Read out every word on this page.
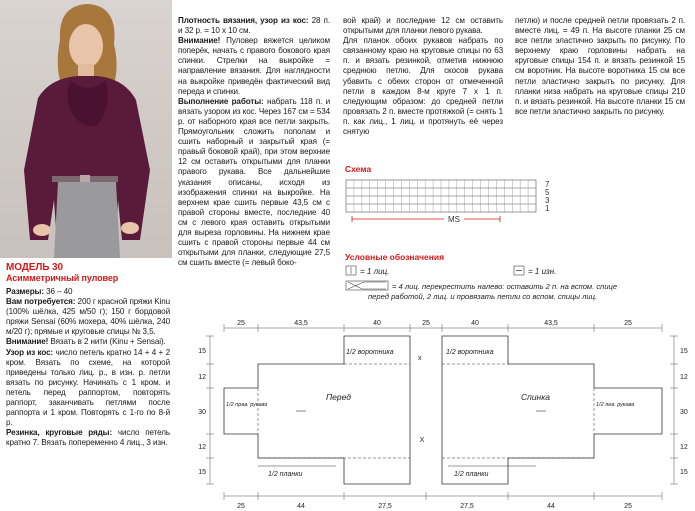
МОДЕЛЬ 30
Асимметричный пуловер

Размеры: 36 – 40

Вам потребуется: 200 г красной пряжи Kinu (100% шёлка, 425 м/50 г); 150 г бордовой пряжи Sensai (60% мохера, 40% шёлка, 240 м/20 г); прямые и круговые спицы № 3,5.

Внимание! Вязать в 2 нити (Kinu + Sensai).

Узор из кос: число петель кратно 14 + 4 + 2 кром. Вязать по схеме, на которой приведены только лиц. р., в изн. р. петли вязать по рисунку. Начинать с 1 кром. и петель перед раппортом, повторять раппорт, заканчивать петлями после раппорта и 1 кром. Повторять с 1-го по 8-й р.

Резинка, круговые ряды: число петель кратно 7. Вязать попеременно 4 лиц., 3 изн.

Плотность вязания, узор из кос: 28 п. и 32 р. = 10 х 10 см.

Внимание! Пуловер вяжется целиком поперёк, начать с правого бокового края спинки. Стрелки на выкройке = направление вязания. Для наглядности на выкройке приведён фактический вид переда и спинки.

Выполнение работы: набрать 118 п. и вязать узором из кос. Через 167 см = 534 р. от наборного края все петли закрыть. Прямоугольник сложить пополам и сшить наборный и закрытый края (= правый боковой край), при этом верхние 12 см оставить открытыми для планки правого рукава. Все дальнейшие указания описаны, исходя из изображения спинки на выкройке. На верхнем крае сшить первые 43,5 см с правой стороны вместе, последние 40 см с левого края оставить открытыми для выреза горловины. На нижнем крае сшить с правой стороны первые 44 см открытыми для планки, следующие 27,5 см сшить вместе (= левый боко-

вой край) и последние 12 см оставить открытыми для планки левого рукава.

Для планок обоих рукавов набрать по связанному краю на круговые спицы по 63 п. и вязать резинкой, отметив нижнюю среднюю петлю. Для скосов рукава убавить с обеих сторон от отмеченной петли в каждом 8-м круге 7 х 1 п. следующим образом: до средней петли провязать 2 п. вместе протяжкой (= снять 1 п. как лиц., 1 лиц. и протянуть её через снятую

петлю) и после средней петли провязать 2 п. вместе лиц. = 49 п. На высоте планки 25 см все петли эластично закрыть по рисунку. По верхнему краю горловины набрать на круговые спицы 154 п. и вязать резинкой 15 см воротник. На высоте воротника 15 см все петли эластично закрыть по рисунку. Для планки низа набрать на круговые спицы 210 п. и вязать резинкой. На высоте планки 15 см все петли эластично закрыть по рисунку.

Схема
MS
7
5
3
1
Условные обозначения
= 1 лиц.	= 1 изн.
= 4 лиц. перекрестить налево: оставить 2 п. на вспом. спице
перед работой, 2 лиц. и провязать петли со вспом. спицы лиц.
Перед	Спинка
1/2 воротника	1/2 воротника
1/2 планки	1/2 планки
1/2 прав. рукава	1/2 лев. рукава
X
x
25	43,5	40	25	40	43,5	25
25	44	27,5	27,5	44	25
15
12
30
12
15
15
12
30
12
15
